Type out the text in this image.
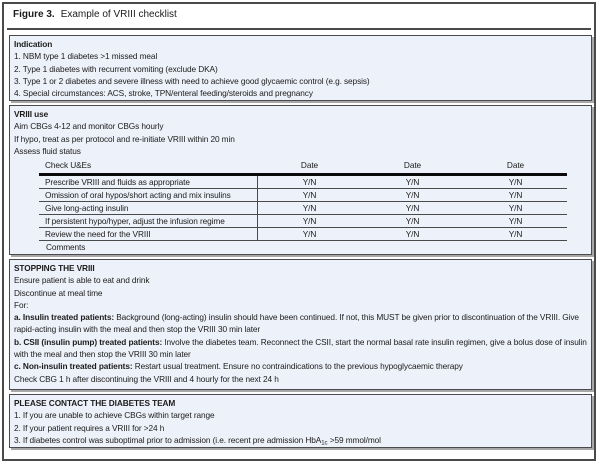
Figure 3. Example of VRIII checklist
Indication
1. NBM type 1 diabetes >1 missed meal
2. Type 1 diabetes with recurrent vomiting (exclude DKA)
3. Type 1 or 2 diabetes and severe illness with need to achieve good glycaemic control (e.g. sepsis)
4. Special circumstances: ACS, stroke, TPN/enteral feeding/steroids and pregnancy
VRIII use
Aim CBGs 4-12 and monitor CBGs hourly
If hypo, treat as per protocol and re-initiate VRIII within 20 min
Assess fluid status
Check U&Es	Date	Date	Date
Prescribe VRIII and fluids as appropriate	Y/N	Y/N	Y/N
Omission of oral hypos/short acting and mix insulins	Y/N	Y/N	Y/N
Give long-acting insulin	Y/N	Y/N	Y/N
If persistent hypo/hyper, adjust the infusion regime	Y/N	Y/N	Y/N
Review the need for the VRIII	Y/N	Y/N	Y/N
Comments
STOPPING THE VRIII
Ensure patient is able to eat and drink
Discontinue at meal time
For:
a. Insulin treated patients: Background (long-acting) insulin should have been continued. If not, this MUST be given prior to discontinuation of the VRIII. Give rapid-acting insulin with the meal and then stop the VRIII 30 min later
b. CSII (insulin pump) treated patients: Involve the diabetes team. Reconnect the CSII, start the normal basal rate insulin regimen, give a bolus dose of insulin with the meal and then stop the VRIII 30 min later
c. Non-insulin treated patients: Restart usual treatment. Ensure no contraindications to the previous hypoglycaemic therapy
Check CBG 1 h after discontinuing the VRIII and 4 hourly for the next 24 h
PLEASE CONTACT THE DIABETES TEAM
1. If you are unable to achieve CBGs within target range
2. If your patient requires a VRIII for >24 h
3. If diabetes control was suboptimal prior to admission (i.e. recent pre admission HbA$_{1c}$ >59 mmol/mol
